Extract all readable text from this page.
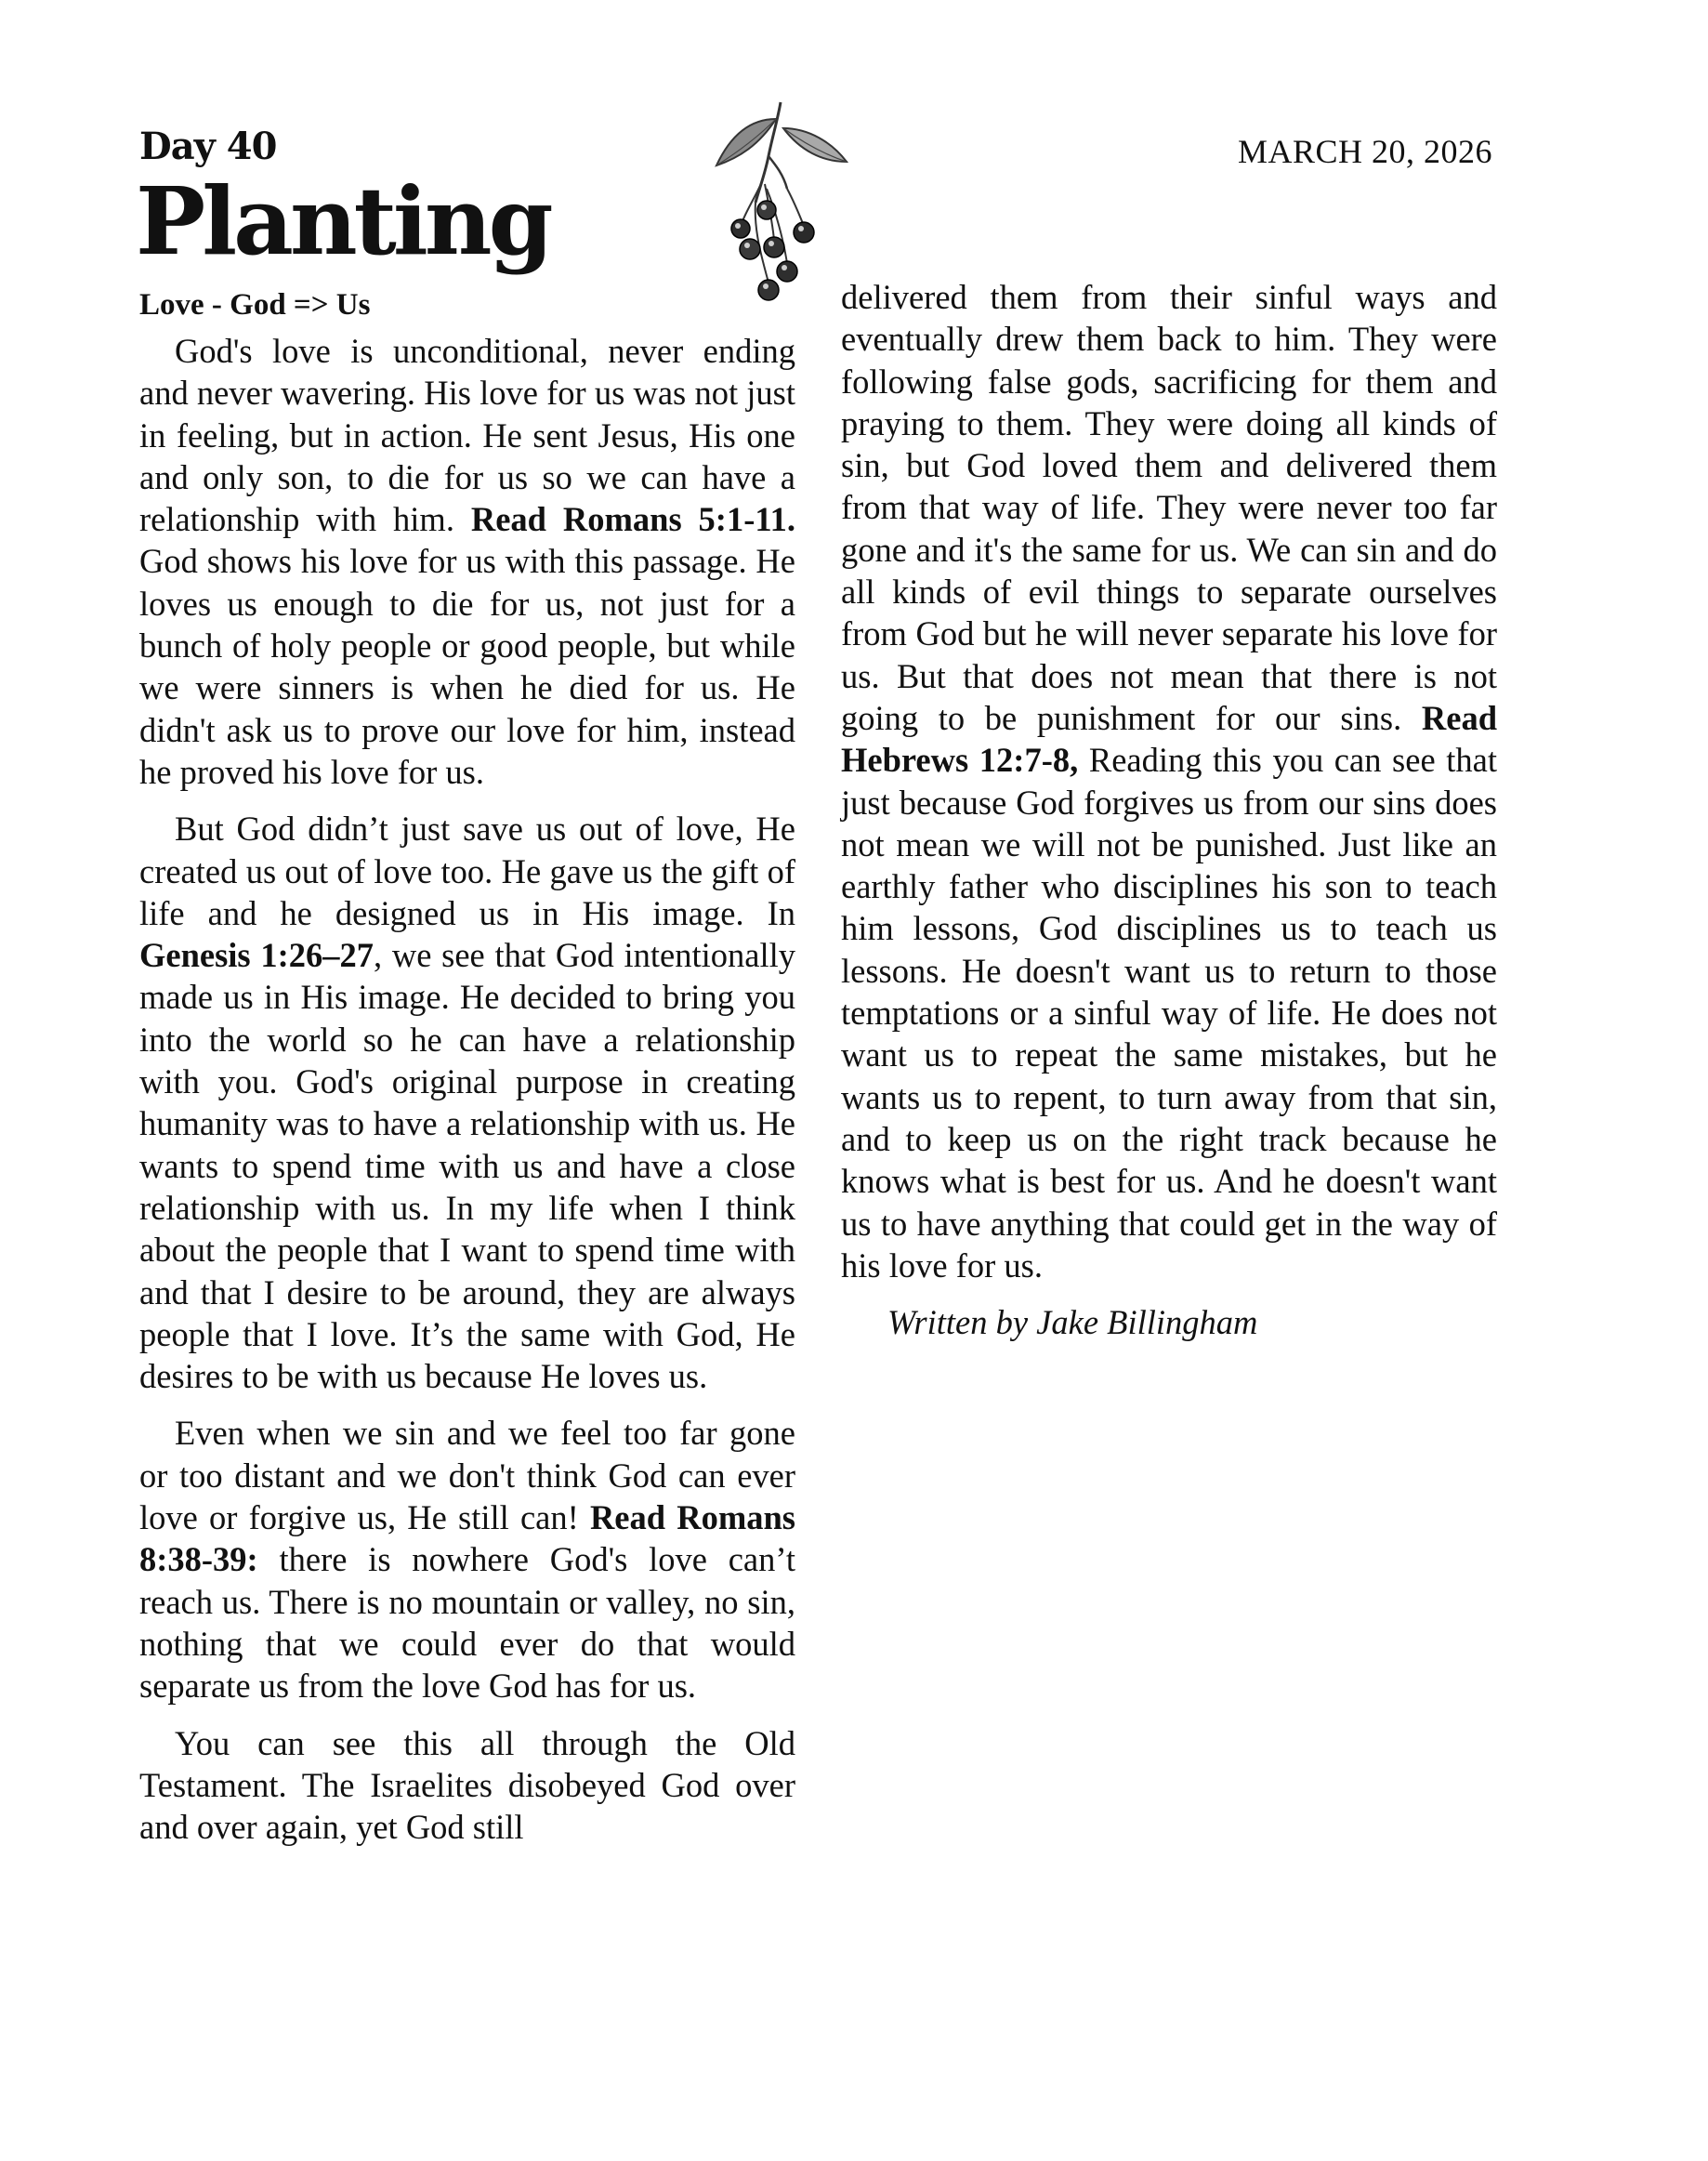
Day 40
Planting
MARCH 20, 2026
Love - God => Us

God's love is unconditional, never ending and never wavering. His love for us was not just in feeling, but in action. He sent Jesus, His one and only son, to die for us so we can have a relationship with him. Read Romans 5:1-11. God shows his love for us with this passage. He loves us enough to die for us, not just for a bunch of holy people or good people, but while we were sinners is when he died for us. He didn't ask us to prove our love for him, instead he proved his love for us.

But God didn’t just save us out of love, He created us out of love too. He gave us the gift of life and he designed us in His image. In Genesis 1:26–27, we see that God intentionally made us in His image. He decided to bring you into the world so he can have a relationship with you. God's original purpose in creating humanity was to have a relationship with us. He wants to spend time with us and have a close relationship with us. In my life when I think about the people that I want to spend time with and that I desire to be around, they are always people that I love. It’s the same with God, He desires to be with us because He loves us.

Even when we sin and we feel too far gone or too distant and we don't think God can ever love or forgive us, He still can! Read Romans 8:38-39: there is nowhere God's love can’t reach us. There is no mountain or valley, no sin, nothing that we could ever do that would separate us from the love God has for us.

You can see this all through the Old Testament. The Israelites disobeyed God over and over again, yet God still

delivered them from their sinful ways and eventually drew them back to him. They were following false gods, sacrificing for them and praying to them. They were doing all kinds of sin, but God loved them and delivered them from that way of life. They were never too far gone and it's the same for us. We can sin and do all kinds of evil things to separate ourselves from God but he will never separate his love for us. But that does not mean that there is not going to be punishment for our sins. Read Hebrews 12:7-8, Reading this you can see that just because God forgives us from our sins does not mean we will not be punished. Just like an earthly father who disciplines his son to teach him lessons, God disciplines us to teach us lessons. He doesn't want us to return to those temptations or a sinful way of life. He does not want us to repeat the same mistakes, but he wants us to repent, to turn away from that sin, and to keep us on the right track because he knows what is best for us. And he doesn't want us to have anything that could get in the way of his love for us.

Written by Jake Billingham
